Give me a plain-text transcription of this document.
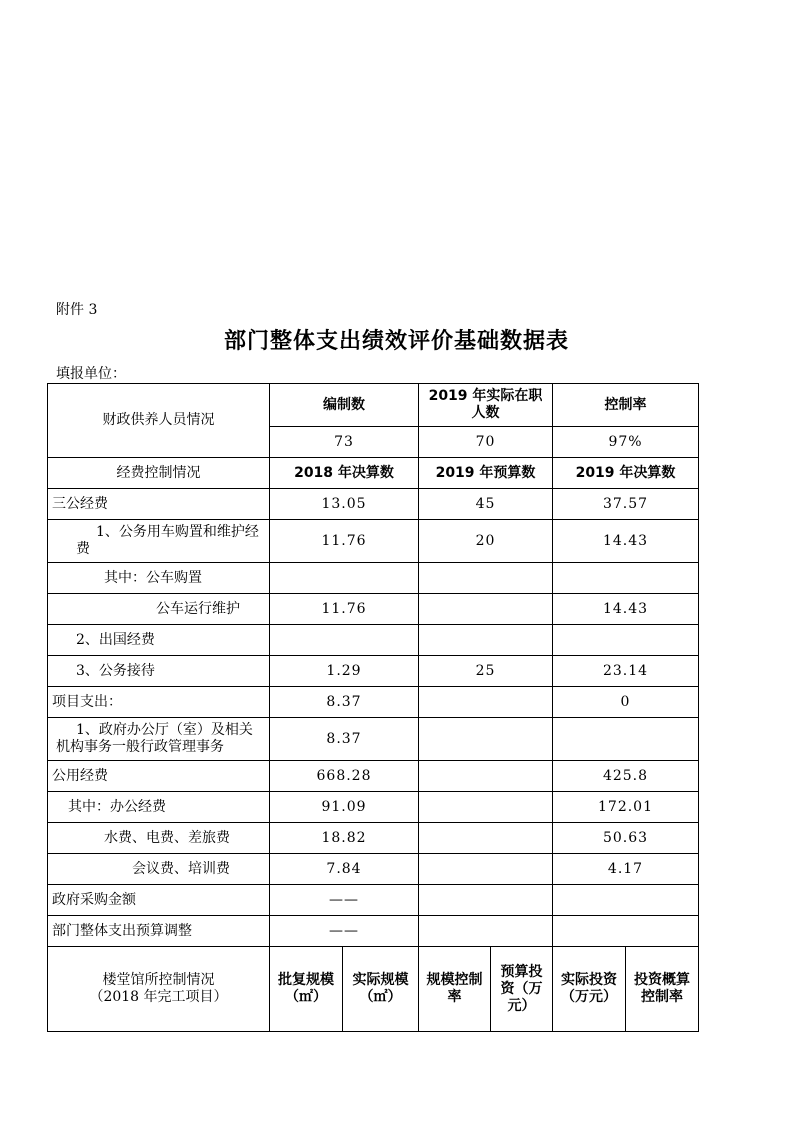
附件 3
部门整体支出绩效评价基础数据表
填报单位：
财政供养人员情况	编制数		2019 年实际在职人数		控制率	
	73		70		97%	
经费控制情况	2018 年决算数		2019 年预算数		2019 年决算数	
三公经费	13.05		45		37.57	
1、公务用车购置和维护经费	11.76		20		14.43	
其中：公车购置						
公车运行维护	11.76				14.43	
2、出国经费						
3、公务接待	1.29		25		23.14	
项目支出：	8.37				0	
1、政府办公厅（室）及相关机构事务一般行政管理事务	8.37					
公用经费	668.28				425.8	
其中：办公经费	91.09				172.01	
水费、电费、差旅费	18.82				50.63	
会议费、培训费	7.84				4.17	
政府采购金额	——					
部门整体支出预算调整	——					

楼堂馆所控制情况
（2018 年完工项目）	批复规模（㎡）	实际规模（㎡）	规模控制率	预算投资（万元）	实际投资（万元）	投资概算控制率
